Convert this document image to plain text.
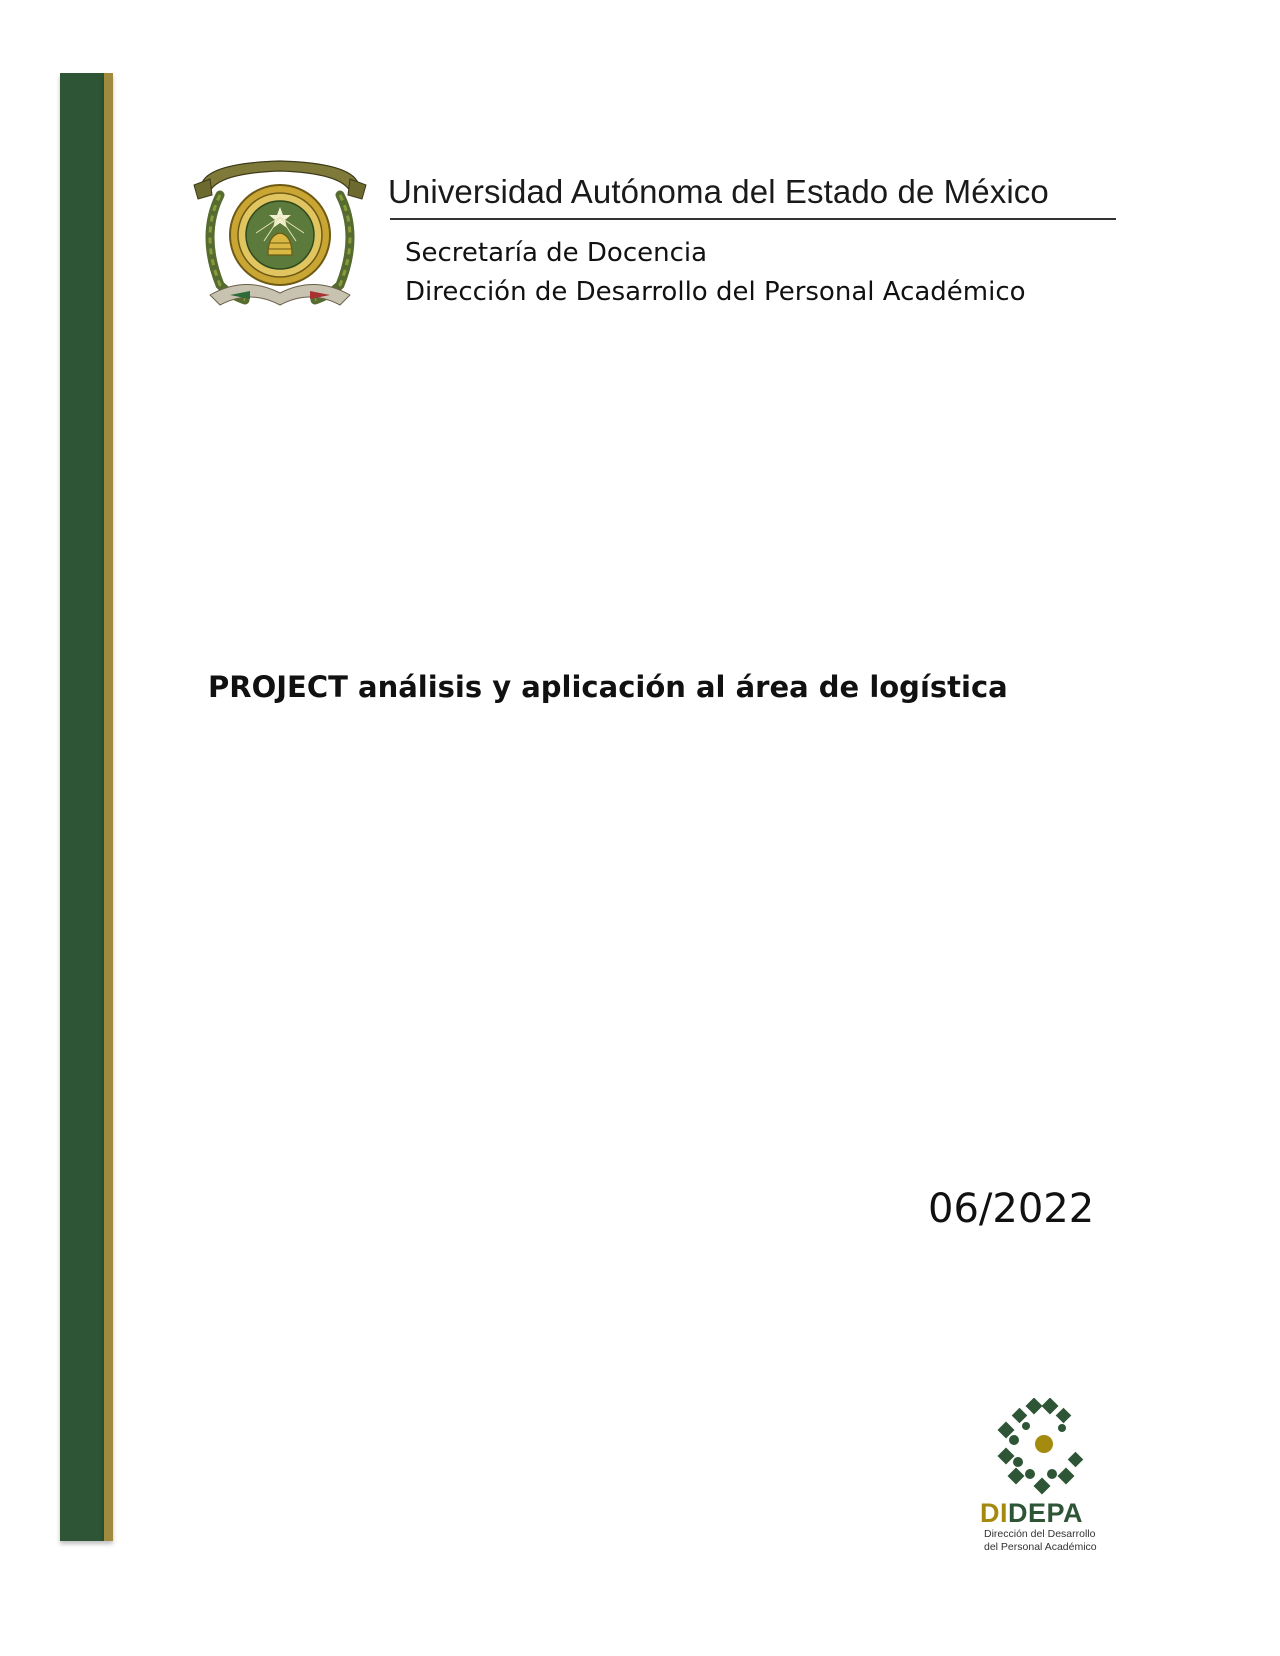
Universidad Autónoma del Estado de México
Secretaría de Docencia
Dirección de Desarrollo del Personal Académico
PROJECT análisis y aplicación al área de logística
06/2022
DIDEPA
Dirección del Desarrollo
del Personal Académico
